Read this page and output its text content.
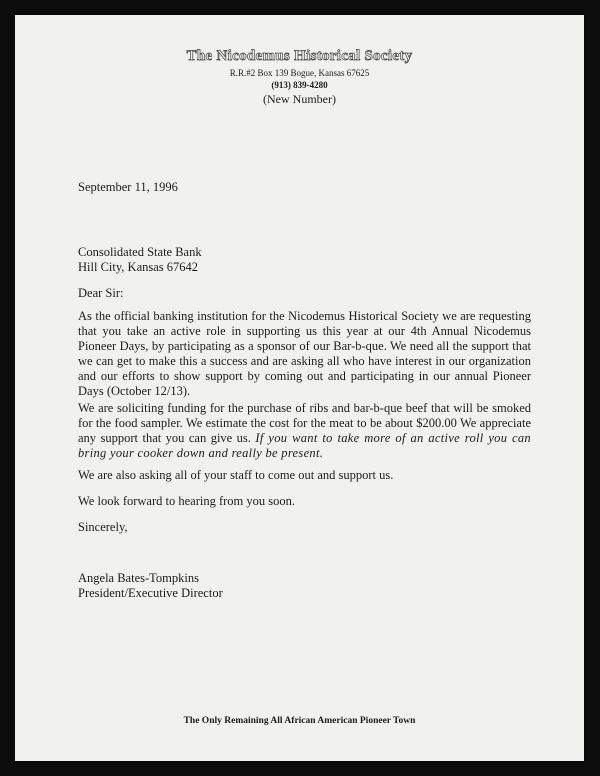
The Nicodemus Historical Society
R.R.#2 Box 139 Bogue, Kansas 67625
(913) 839-4280
(New Number)
September 11, 1996
Consolidated State Bank
Hill City, Kansas 67642
Dear Sir:
As the official banking institution for the Nicodemus Historical Society we are requesting that you take an active role in supporting us this year at our 4th Annual Nicodemus Pioneer Days, by participating as a sponsor of our Bar-b-que. We need all the support that we can get to make this a success and are asking all who have interest in our organization and our efforts to show support by coming out and participating in our annual Pioneer Days (October 12/13).
We are soliciting funding for the purchase of ribs and bar-b-que beef that will be smoked for the food sampler. We estimate the cost for the meat to be about $200.00 We appreciate any support that you can give us. If you want to take more of an active roll you can bring your cooker down and really be present.
We are also asking all of your staff to come out and support us.
We look forward to hearing from you soon.
Sincerely,
Angela Bates-Tompkins
President/Executive Director
The Only Remaining All African American Pioneer Town
